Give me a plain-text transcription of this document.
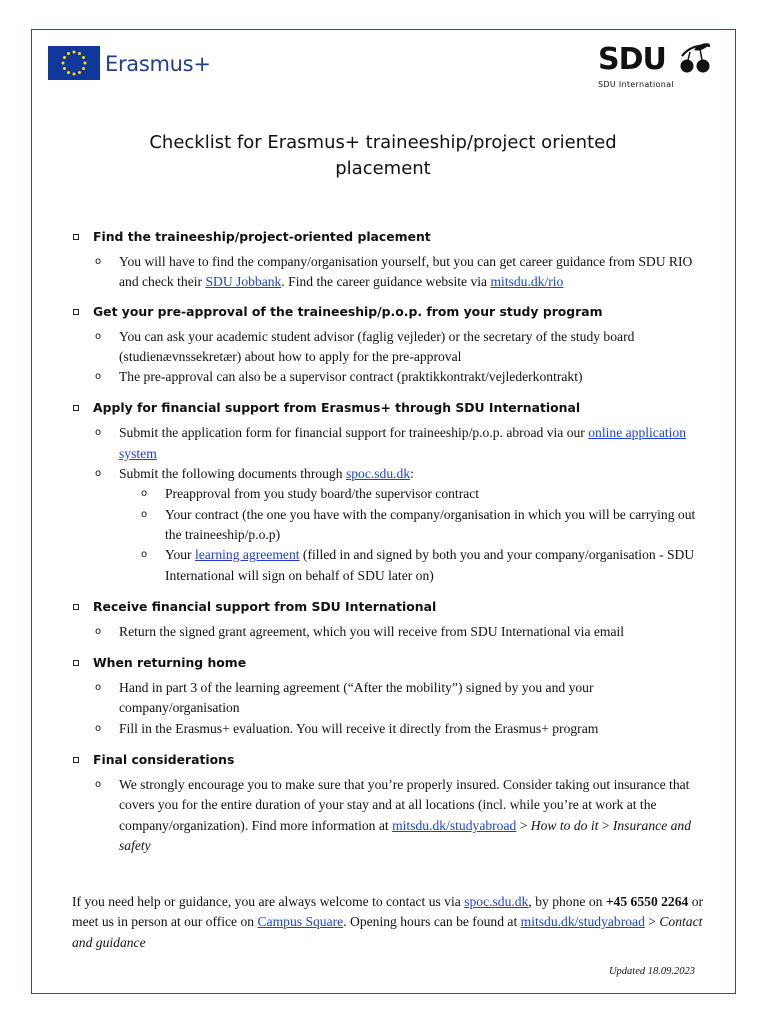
Erasmus+	SDU
SDU International
Checklist for Erasmus+ traineeship/project oriented
placement
Find the traineeship/project-oriented placement
o You will have to find the company/organisation yourself, but you can get career guidance from SDU RIO and check their SDU Jobbank. Find the career guidance website via mitsdu.dk/rio
Get your pre-approval of the traineeship/p.o.p. from your study program
o You can ask your academic student advisor (faglig vejleder) or the secretary of the study board (studienævnssekretær) about how to apply for the pre-approval
o The pre-approval can also be a supervisor contract (praktikkontrakt/vejlederkontrakt)
Apply for financial support from Erasmus+ through SDU International
o Submit the application form for financial support for traineeship/p.o.p. abroad via our online application system
o Submit the following documents through spoc.sdu.dk:
o Preapproval from you study board/the supervisor contract
o Your contract (the one you have with the company/organisation in which you will be carrying out the traineeship/p.o.p)
o Your learning agreement (filled in and signed by both you and your company/organisation - SDU International will sign on behalf of SDU later on)
Receive financial support from SDU International
o Return the signed grant agreement, which you will receive from SDU International via email
When returning home
o Hand in part 3 of the learning agreement (“After the mobility”) signed by you and your company/organisation
o Fill in the Erasmus+ evaluation. You will receive it directly from the Erasmus+ program
Final considerations
o We strongly encourage you to make sure that you’re properly insured. Consider taking out insurance that covers you for the entire duration of your stay and at all locations (incl. while you’re at work at the company/organization). Find more information at mitsdu.dk/studyabroad > How to do it > Insurance and safety
If you need help or guidance, you are always welcome to contact us via spoc.sdu.dk, by phone on +45 6550 2264 or meet us in person at our office on Campus Square. Opening hours can be found at mitsdu.dk/studyabroad > Contact and guidance
Updated 18.09.2023
